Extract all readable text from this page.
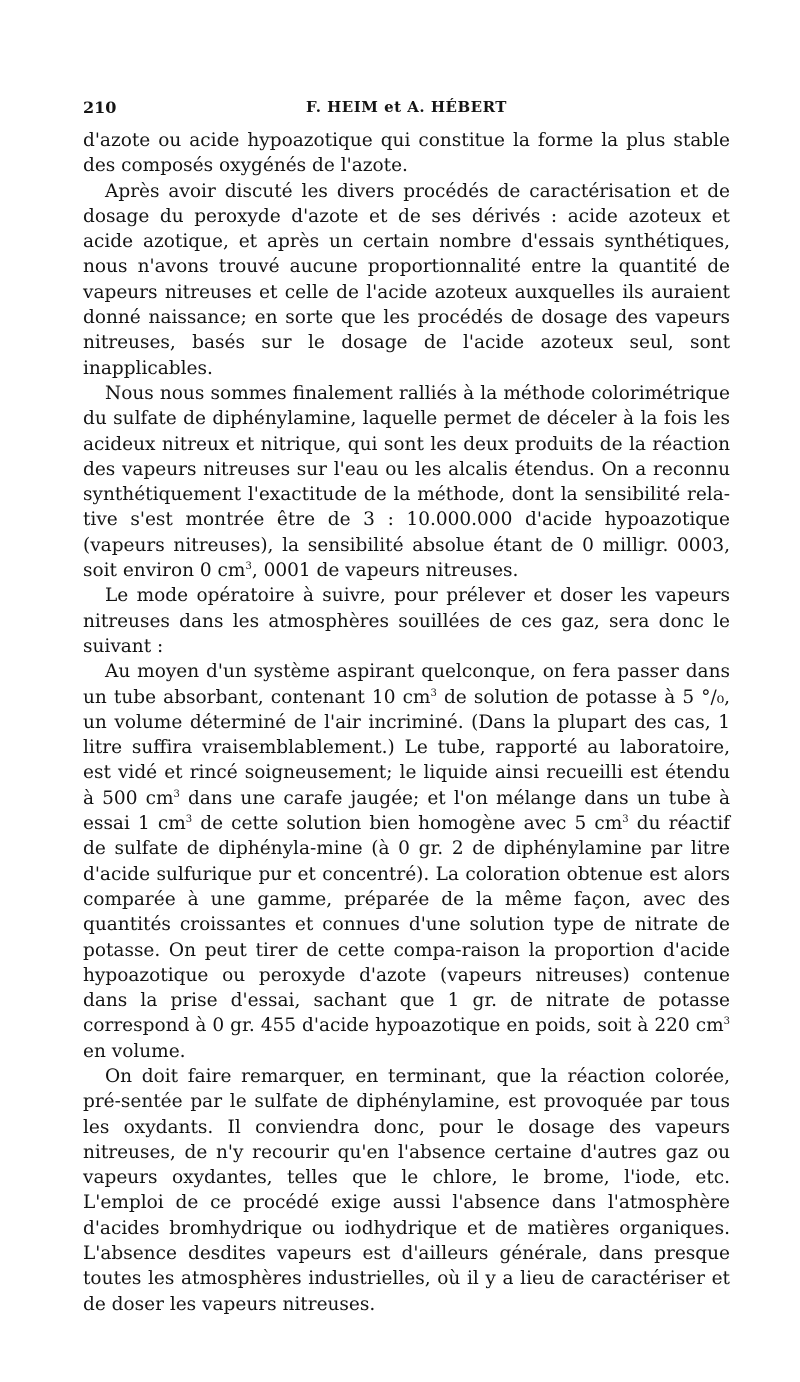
210	F. HEIM et A. HÉBERT

d'azote ou acide hypoazotique qui constitue la forme la plus stable des composés oxygénés de l'azote.

Après avoir discuté les divers procédés de caractérisation et de dosage du peroxyde d'azote et de ses dérivés : acide azoteux et acide azotique, et après un certain nombre d'essais synthétiques, nous n'avons trouvé aucune proportionnalité entre la quantité de vapeurs nitreuses et celle de l'acide azoteux auxquelles ils auraient donné naissance; en sorte que les procédés de dosage des vapeurs nitreuses, basés sur le dosage de l'acide azoteux seul, sont inapplicables.

Nous nous sommes finalement ralliés à la méthode colorimétrique du sulfate de diphénylamine, laquelle permet de déceler à la fois les acideux nitreux et nitrique, qui sont les deux produits de la réaction des vapeurs nitreuses sur l'eau ou les alcalis étendus. On a reconnu synthétiquement l'exactitude de la méthode, dont la sensibilité rela-tive s'est montrée être de 3 : 10.000.000 d'acide hypoazotique (vapeurs nitreuses), la sensibilité absolue étant de 0 milligr. 0003, soit environ 0 $cm^3$, 0001 de vapeurs nitreuses.

Le mode opératoire à suivre, pour prélever et doser les vapeurs nitreuses dans les atmosphères souillées de ces gaz, sera donc le suivant :

Au moyen d'un système aspirant quelconque, on fera passer dans un tube absorbant, contenant 10 $cm^3$ de solution de potasse à 5 °/₀, un volume déterminé de l'air incriminé. (Dans la plupart des cas, 1 litre suffira vraisemblablement.) Le tube, rapporté au laboratoire, est vidé et rincé soigneusement; le liquide ainsi recueilli est étendu à 500 $cm^3$ dans une carafe jaugée; et l'on mélange dans un tube à essai 1 $cm^3$ de cette solution bien homogène avec 5 $cm^3$ du réactif de sulfate de diphényla-mine (à 0 gr. 2 de diphénylamine par litre d'acide sulfurique pur et concentré). La coloration obtenue est alors comparée à une gamme, préparée de la même façon, avec des quantités croissantes et connues d'une solution type de nitrate de potasse. On peut tirer de cette compa-raison la proportion d'acide hypoazotique ou peroxyde d'azote (vapeurs nitreuses) contenue dans la prise d'essai, sachant que 1 gr. de nitrate de potasse correspond à 0 gr. 455 d'acide hypoazotique en poids, soit à 220 $cm^3$ en volume.

On doit faire remarquer, en terminant, que la réaction colorée, pré-sentée par le sulfate de diphénylamine, est provoquée par tous les oxydants. Il conviendra donc, pour le dosage des vapeurs nitreuses, de n'y recourir qu'en l'absence certaine d'autres gaz ou vapeurs oxydantes, telles que le chlore, le brome, l'iode, etc. L'emploi de ce procédé exige aussi l'absence dans l'atmosphère d'acides bromhydrique ou iodhydrique et de matières organiques. L'absence desdites vapeurs est d'ailleurs générale, dans presque toutes les atmosphères industrielles, où il y a lieu de caractériser et de doser les vapeurs nitreuses.
